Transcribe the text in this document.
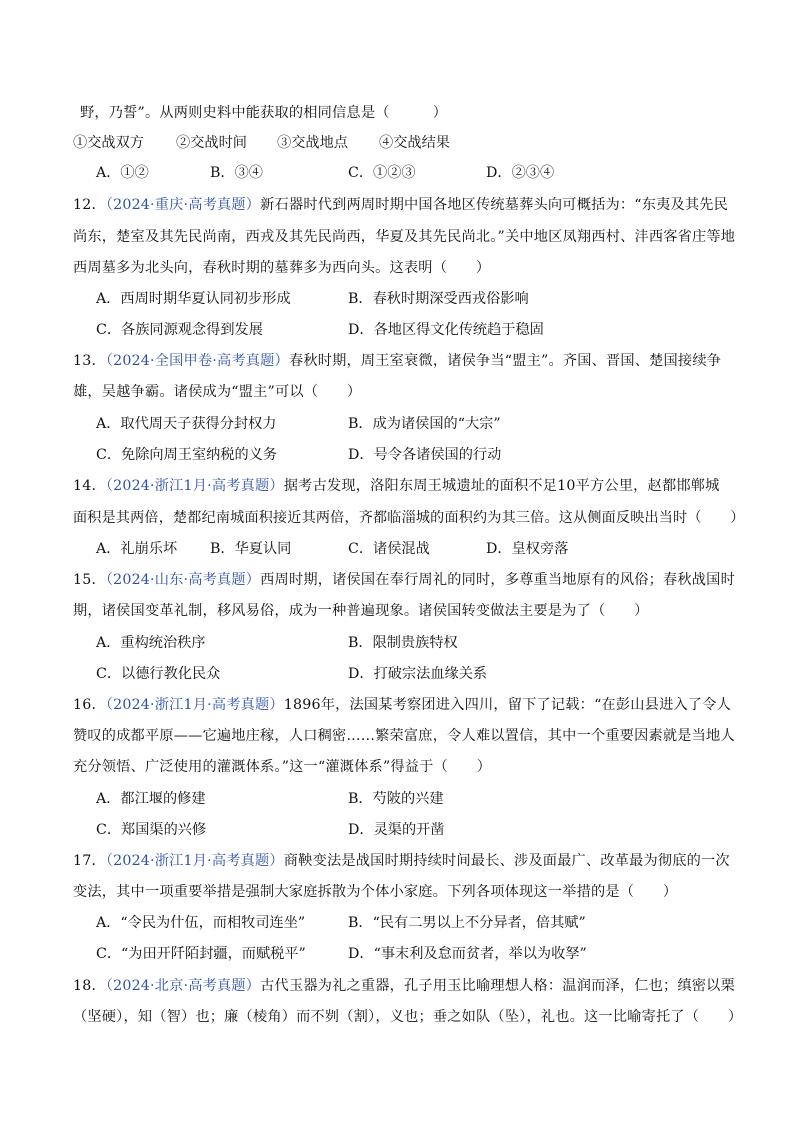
野，乃誓”。从两则史料中能获取的相同信息是（　　　）
①交战双方 ②交战时间 ③交战地点 ④交战结果
A．①②	B．③④	C．①②③	D．②③④
12．（2024·重庆·高考真题）新石器时代到两周时期中国各地区传统墓葬头向可概括为：“东夷及其先民
尚东，楚室及其先民尚南，西戎及其先民尚西，华夏及其先民尚北。”关中地区凤翔西村、沣西客省庄等地
西周墓多为北头向，春秋时期的墓葬多为西向头。这表明（　　）
A．西周时期华夏认同初步形成	B．春秋时期深受西戎俗影响
C．各族同源观念得到发展	D．各地区得文化传统趋于稳固
13．（2024·全国甲卷·高考真题）春秋时期，周王室衰微，诸侯争当“盟主”。齐国、晋国、楚国接续争
雄，吴越争霸。诸侯成为“盟主”可以（　　）
A．取代周天子获得分封权力	B．成为诸侯国的“大宗”
C．免除向周王室纳税的义务	D．号令各诸侯国的行动
14．（2024·浙江1月·高考真题）据考古发现，洛阳东周王城遗址的面积不足10平方公里，赵都邯郸城
面积是其两倍，楚都纪南城面积接近其两倍，齐都临淄城的面积约为其三倍。这从侧面反映出当时（　　）
A．礼崩乐坏 B．华夏认同	C．诸侯混战	D．皇权旁落
15．（2024·山东·高考真题）西周时期，诸侯国在奉行周礼的同时，多尊重当地原有的风俗；春秋战国时
期，诸侯国变革礼制，移风易俗，成为一种普遍现象。诸侯国转变做法主要是为了（　　）
A．重构统治秩序	B．限制贵族特权
C．以德行教化民众	D．打破宗法血缘关系
16．（2024·浙江1月·高考真题）1896年，法国某考察团进入四川，留下了记载：“在彭山县进入了令人
赞叹的成都平原——它遍地庄稼，人口稠密……繁荣富庶，令人难以置信，其中一个重要因素就是当地人
充分领悟、广泛使用的灌溉体系。”这一“灌溉体系”得益于（　　）
A．都江堰的修建	B．芍陂的兴建
C．郑国渠的兴修	D．灵渠的开凿
17．（2024·浙江1月·高考真题）商鞅变法是战国时期持续时间最长、涉及面最广、改革最为彻底的一次
变法，其中一项重要举措是强制大家庭拆散为个体小家庭。下列各项体现这一举措的是（　　）
A．“令民为什伍，而相牧司连坐”	B．“民有二男以上不分异者，倍其赋”
C．“为田开阡陌封疆，而赋税平”	D．“事末利及怠而贫者，举以为收孥”
18．（2024·北京·高考真题）古代玉器为礼之重器，孔子用玉比喻理想人格：温润而泽，仁也；缜密以栗
（坚硬），知（智）也；廉（棱角）而不刿（割），义也；垂之如队（坠），礼也。这一比喻寄托了（　　）
